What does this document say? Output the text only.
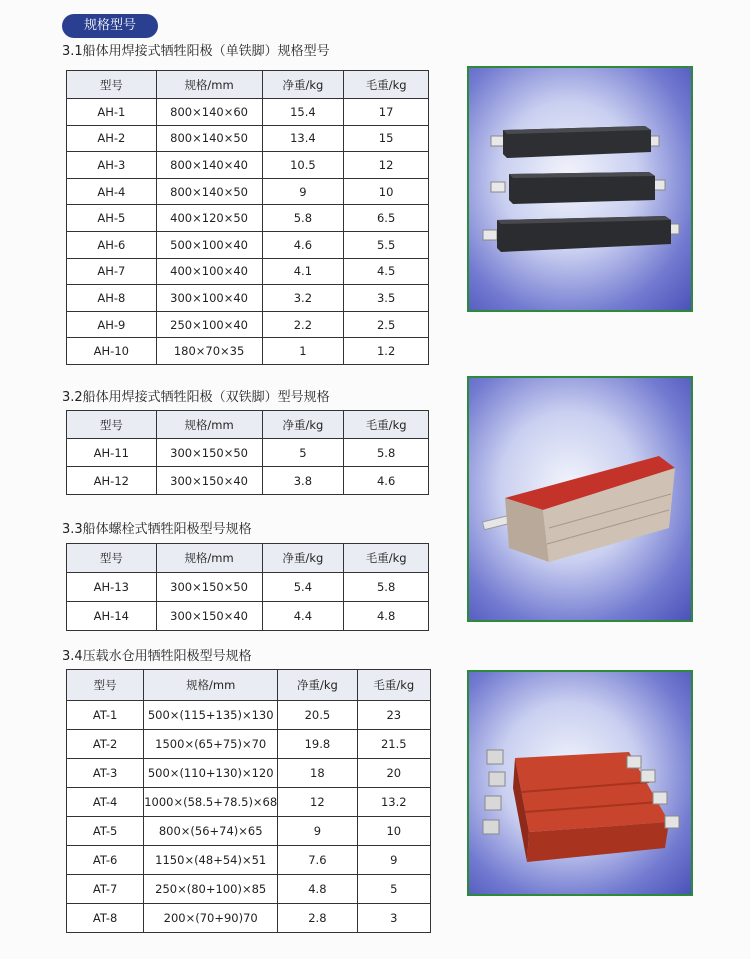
规格型号
3.1船体用焊接式牺牲阳极（单铁脚）规格型号
型号	规格/mm	净重/kg	毛重/kg
AH-1	800×140×60	15.4	17
AH-2	800×140×50	13.4	15
AH-3	800×140×40	10.5	12
AH-4	800×140×50	9	10
AH-5	400×120×50	5.8	6.5
AH-6	500×100×40	4.6	5.5
AH-7	400×100×40	4.1	4.5
AH-8	300×100×40	3.2	3.5
AH-9	250×100×40	2.2	2.5
AH-10	180×70×35	1	1.2
3.2船体用焊接式牺牲阳极（双铁脚）型号规格
型号	规格/mm	净重/kg	毛重/kg
AH-11	300×150×50	5	5.8
AH-12	300×150×40	3.8	4.6
3.3船体螺栓式牺牲阳极型号规格
型号	规格/mm	净重/kg	毛重/kg
AH-13	300×150×50	5.4	5.8
AH-14	300×150×40	4.4	4.8
3.4压载水仓用牺牲阳极型号规格
型号	规格/mm	净重/kg	毛重/kg
AT-1	500×(115+135)×130	20.5	23
AT-2	1500×(65+75)×70	19.8	21.5
AT-3	500×(110+130)×120	18	20
AT-4	1000×(58.5+78.5)×68	12	13.2
AT-5	800×(56+74)×65	9	10
AT-6	1150×(48+54)×51	7.6	9
AT-7	250×(80+100)×85	4.8	5
AT-8	200×(70+90)70	2.8	3
